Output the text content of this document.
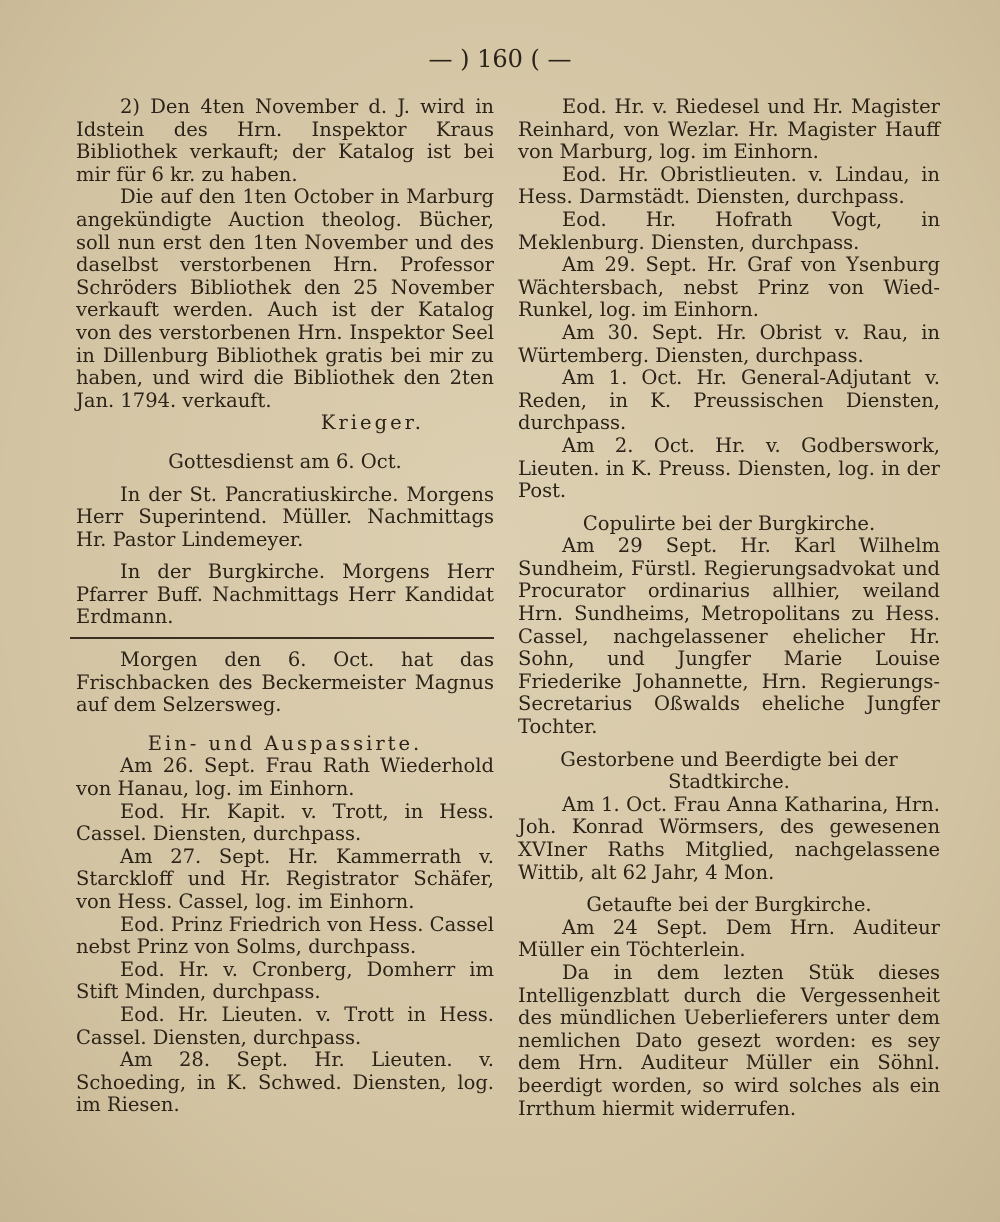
— ) 160 ( —

2) Den 4ten November d. J. wird in Idstein des Hrn. Inspektor Kraus Bibliothek verkauft; der Katalog ist bei mir für 6 kr. zu haben.

Die auf den 1ten October in Marburg angekündigte Auction theolog. Bücher, soll nun erst den 1ten November und des daselbst verstorbenen Hrn. Professor Schröders Bibliothek den 25 November verkauft werden. Auch ist der Katalog von des verstorbenen Hrn. Inspektor Seel in Dillenburg Bibliothek gratis bei mir zu haben, und wird die Bibliothek den 2ten Jan. 1794. verkauft.

Krieger.

Gottesdienst am 6. Oct.

In der St. Pancratiuskirche. Morgens Herr Superintend. Müller. Nachmittags Hr. Pastor Lindemeyer.

In der Burgkirche. Morgens Herr Pfarrer Buff. Nachmittags Herr Kandidat Erdmann.

Morgen den 6. Oct. hat das Frischbacken des Beckermeister Magnus auf dem Selzersweg.

Ein- und Auspassirte.

Am 26. Sept. Frau Rath Wiederhold von Hanau, log. im Einhorn.

Eod. Hr. Kapit. v. Trott, in Hess. Cassel. Diensten, durchpass.

Am 27. Sept. Hr. Kammerrath v. Starckloff und Hr. Registrator Schäfer, von Hess. Cassel, log. im Einhorn.

Eod. Prinz Friedrich von Hess. Cassel nebst Prinz von Solms, durchpass.

Eod. Hr. v. Cronberg, Domherr im Stift Minden, durchpass.

Eod. Hr. Lieuten. v. Trott in Hess. Cassel. Diensten, durchpass.

Am 28. Sept. Hr. Lieuten. v. Schoeding, in K. Schwed. Diensten, log. im Riesen.

Eod. Hr. v. Riedesel und Hr. Magister Reinhard, von Wezlar. Hr. Magister Hauff von Marburg, log. im Einhorn.

Eod. Hr. Obristlieuten. v. Lindau, in Hess. Darmstädt. Diensten, durchpass.

Eod. Hr. Hofrath Vogt, in Meklenburg. Diensten, durchpass.

Am 29. Sept. Hr. Graf von Ysenburg Wächtersbach, nebst Prinz von Wied-Runkel, log. im Einhorn.

Am 30. Sept. Hr. Obrist v. Rau, in Würtemberg. Diensten, durchpass.

Am 1. Oct. Hr. General-Adjutant v. Reden, in K. Preussischen Diensten, durchpass.

Am 2. Oct. Hr. v. Godberswork, Lieuten. in K. Preuss. Diensten, log. in der Post.

Copulirte bei der Burgkirche.

Am 29 Sept. Hr. Karl Wilhelm Sundheim, Fürstl. Regierungsadvokat und Procurator ordinarius allhier, weiland Hrn. Sundheims, Metropolitans zu Hess. Cassel, nachgelassener ehelicher Hr. Sohn, und Jungfer Marie Louise Friederike Johannette, Hrn. Regierungs-Secretarius Oßwalds eheliche Jungfer Tochter.

Gestorbene und Beerdigte bei der

Stadtkirche.

Am 1. Oct. Frau Anna Katharina, Hrn. Joh. Konrad Wörmsers, des gewesenen XVIner Raths Mitglied, nachgelassene Wittib, alt 62 Jahr, 4 Mon.

Getaufte bei der Burgkirche.

Am 24 Sept. Dem Hrn. Auditeur Müller ein Töchterlein.

Da in dem lezten Stük dieses Intelligenzblatt durch die Vergessenheit des mündlichen Ueberlieferers unter dem nemlichen Dato gesezt worden: es sey dem Hrn. Auditeur Müller ein Söhnl. beerdigt worden, so wird solches als ein Irrthum hiermit widerrufen.
